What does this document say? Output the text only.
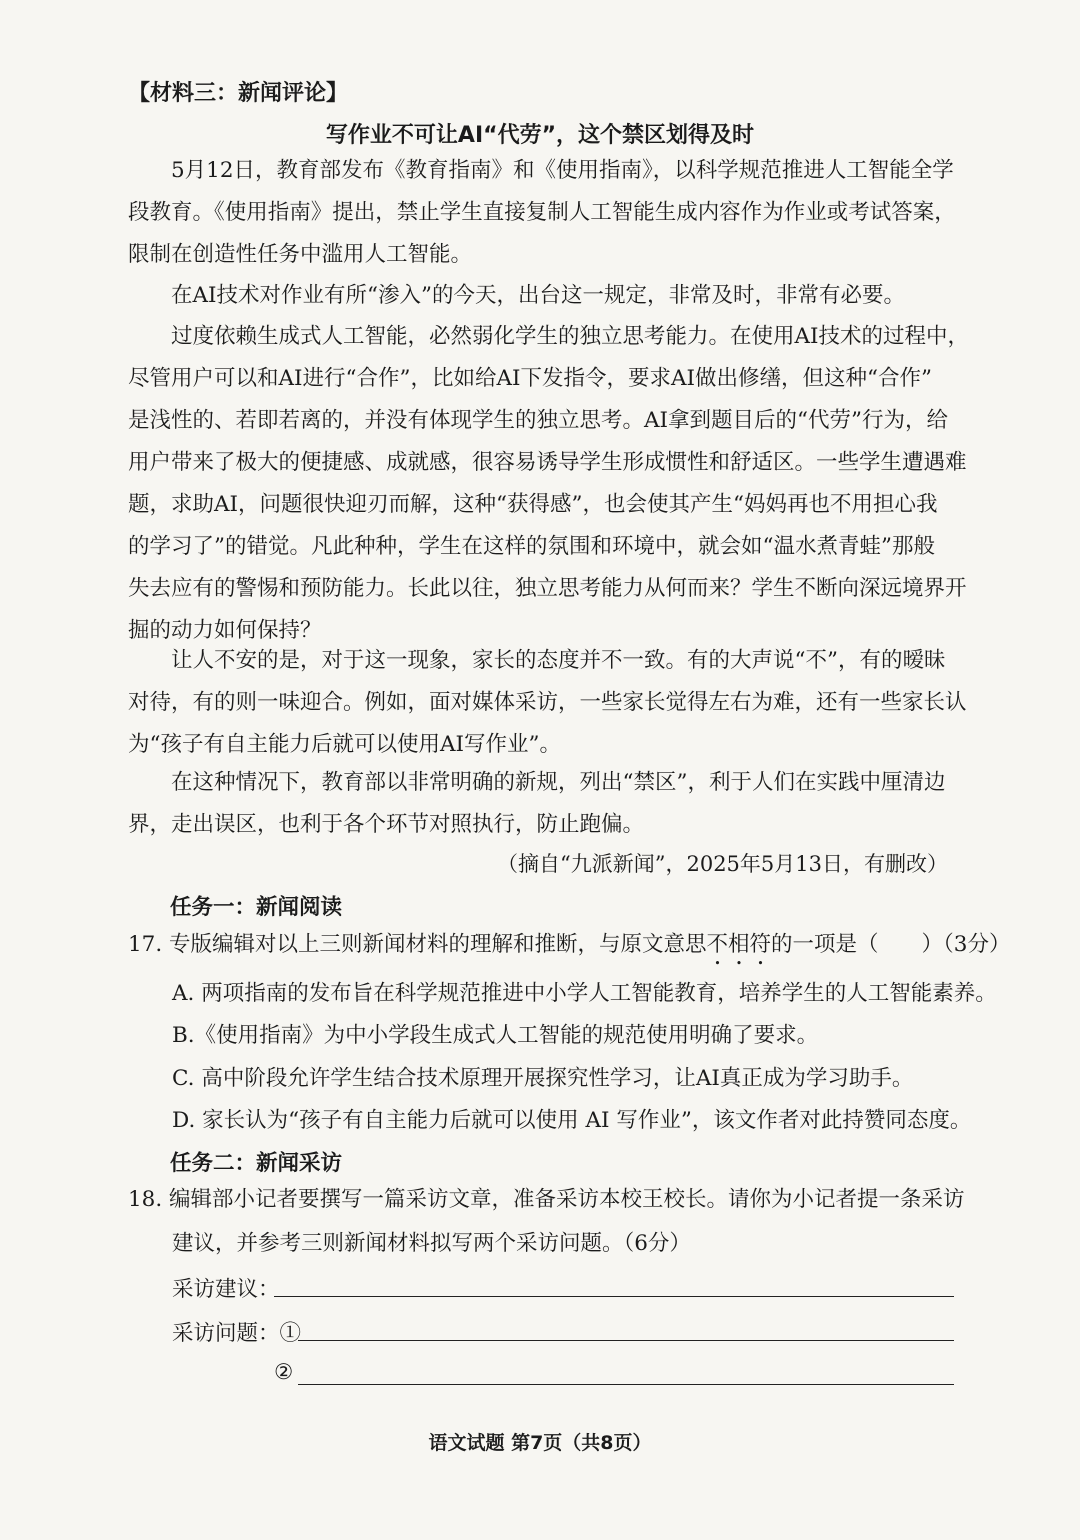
【材料三：新闻评论】
写作业不可让AI“代劳”，这个禁区划得及时
5月12日，教育部发布《教育指南》和《使用指南》，以科学规范推进人工智能全学
段教育。《使用指南》提出，禁止学生直接复制人工智能生成内容作为作业或考试答案，
限制在创造性任务中滥用人工智能。
在AI技术对作业有所“渗入”的今天，出台这一规定，非常及时，非常有必要。
过度依赖生成式人工智能，必然弱化学生的独立思考能力。在使用AI技术的过程中，
尽管用户可以和AI进行“合作”，比如给AI下发指令，要求AI做出修缮，但这种“合作”
是浅性的、若即若离的，并没有体现学生的独立思考。AI拿到题目后的“代劳”行为，给
用户带来了极大的便捷感、成就感，很容易诱导学生形成惯性和舒适区。一些学生遭遇难
题，求助AI，问题很快迎刃而解，这种“获得感”，也会使其产生“妈妈再也不用担心我
的学习了”的错觉。凡此种种，学生在这样的氛围和环境中，就会如“温水煮青蛙”那般
失去应有的警惕和预防能力。长此以往，独立思考能力从何而来？学生不断向深远境界开
掘的动力如何保持？
让人不安的是，对于这一现象，家长的态度并不一致。有的大声说“不”，有的暧昧
对待，有的则一味迎合。例如，面对媒体采访，一些家长觉得左右为难，还有一些家长认
为“孩子有自主能力后就可以使用AI写作业”。
在这种情况下，教育部以非常明确的新规，列出“禁区”，利于人们在实践中厘清边
界，走出误区，也利于各个环节对照执行，防止跑偏。
（摘自“九派新闻”，2025年5月13日，有删改）
任务一：新闻阅读
17. 专版编辑对以上三则新闻材料的理解和推断，与原文意思不相符的一项是（　　）（3分）
A. 两项指南的发布旨在科学规范推进中小学人工智能教育，培养学生的人工智能素养。
B.《使用指南》为中小学段生成式人工智能的规范使用明确了要求。
C. 高中阶段允许学生结合技术原理开展探究性学习，让AI真正成为学习助手。
D. 家长认为“孩子有自主能力后就可以使用 AI 写作业”，该文作者对此持赞同态度。
任务二：新闻采访
18. 编辑部小记者要撰写一篇采访文章，准备采访本校王校长。请你为小记者提一条采访
建议，并参考三则新闻材料拟写两个采访问题。（6分）
采访建议：
采访问题：①
②
语文试题 第7页（共8页）
